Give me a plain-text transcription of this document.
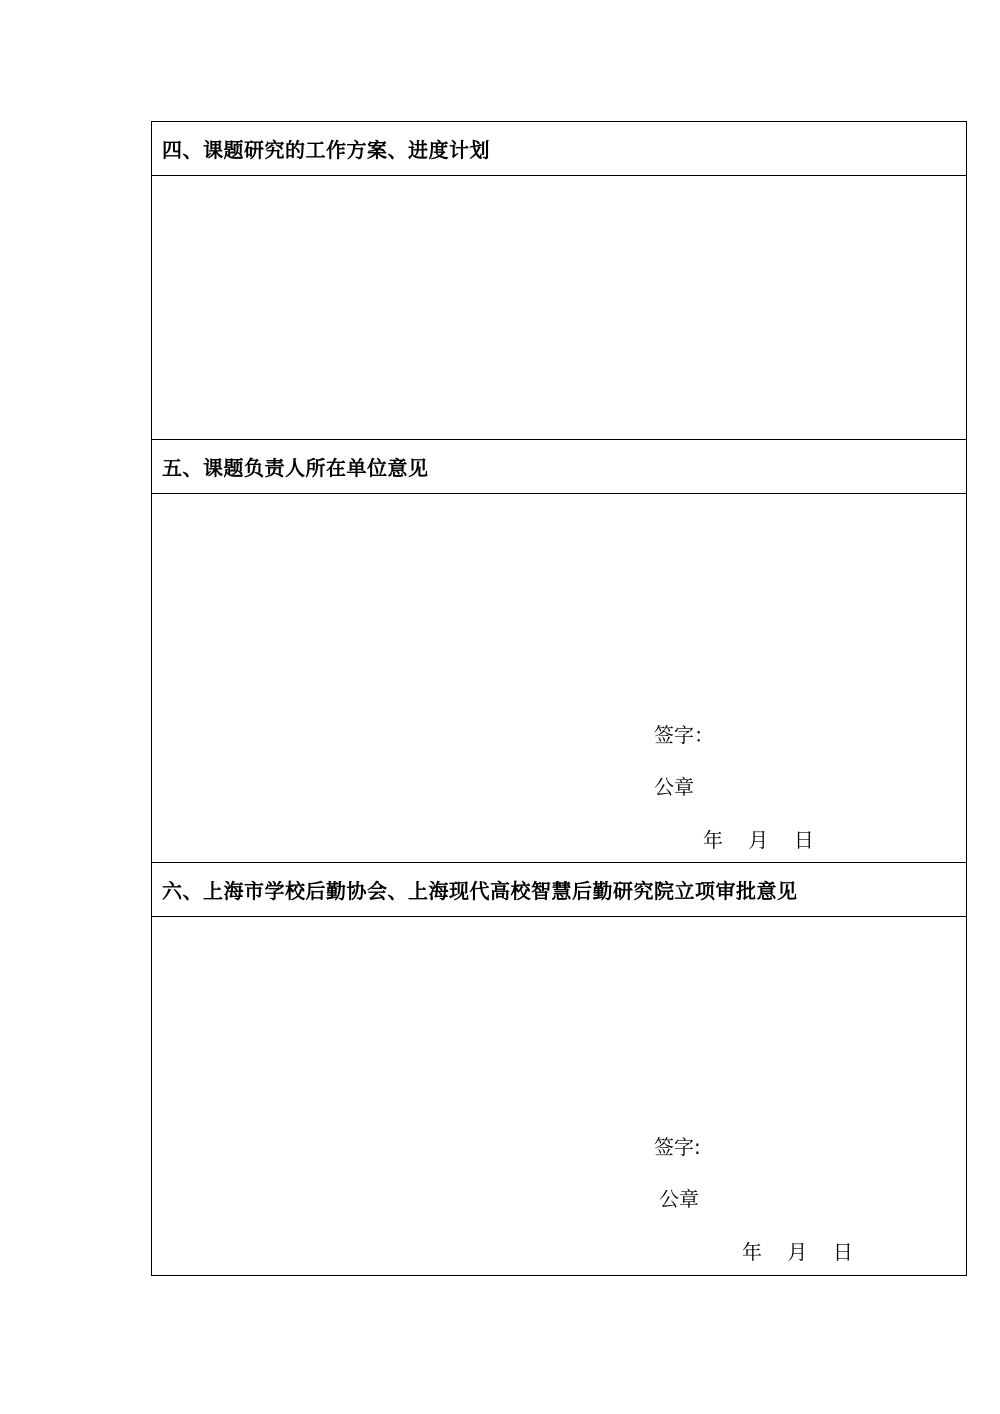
四、课题研究的工作方案、进度计划
五、课题负责人所在单位意见
签字：
公章
年    月    日
六、上海市学校后勤协会、上海现代高校智慧后勤研究院立项审批意见
签字:
公章
年    月    日
